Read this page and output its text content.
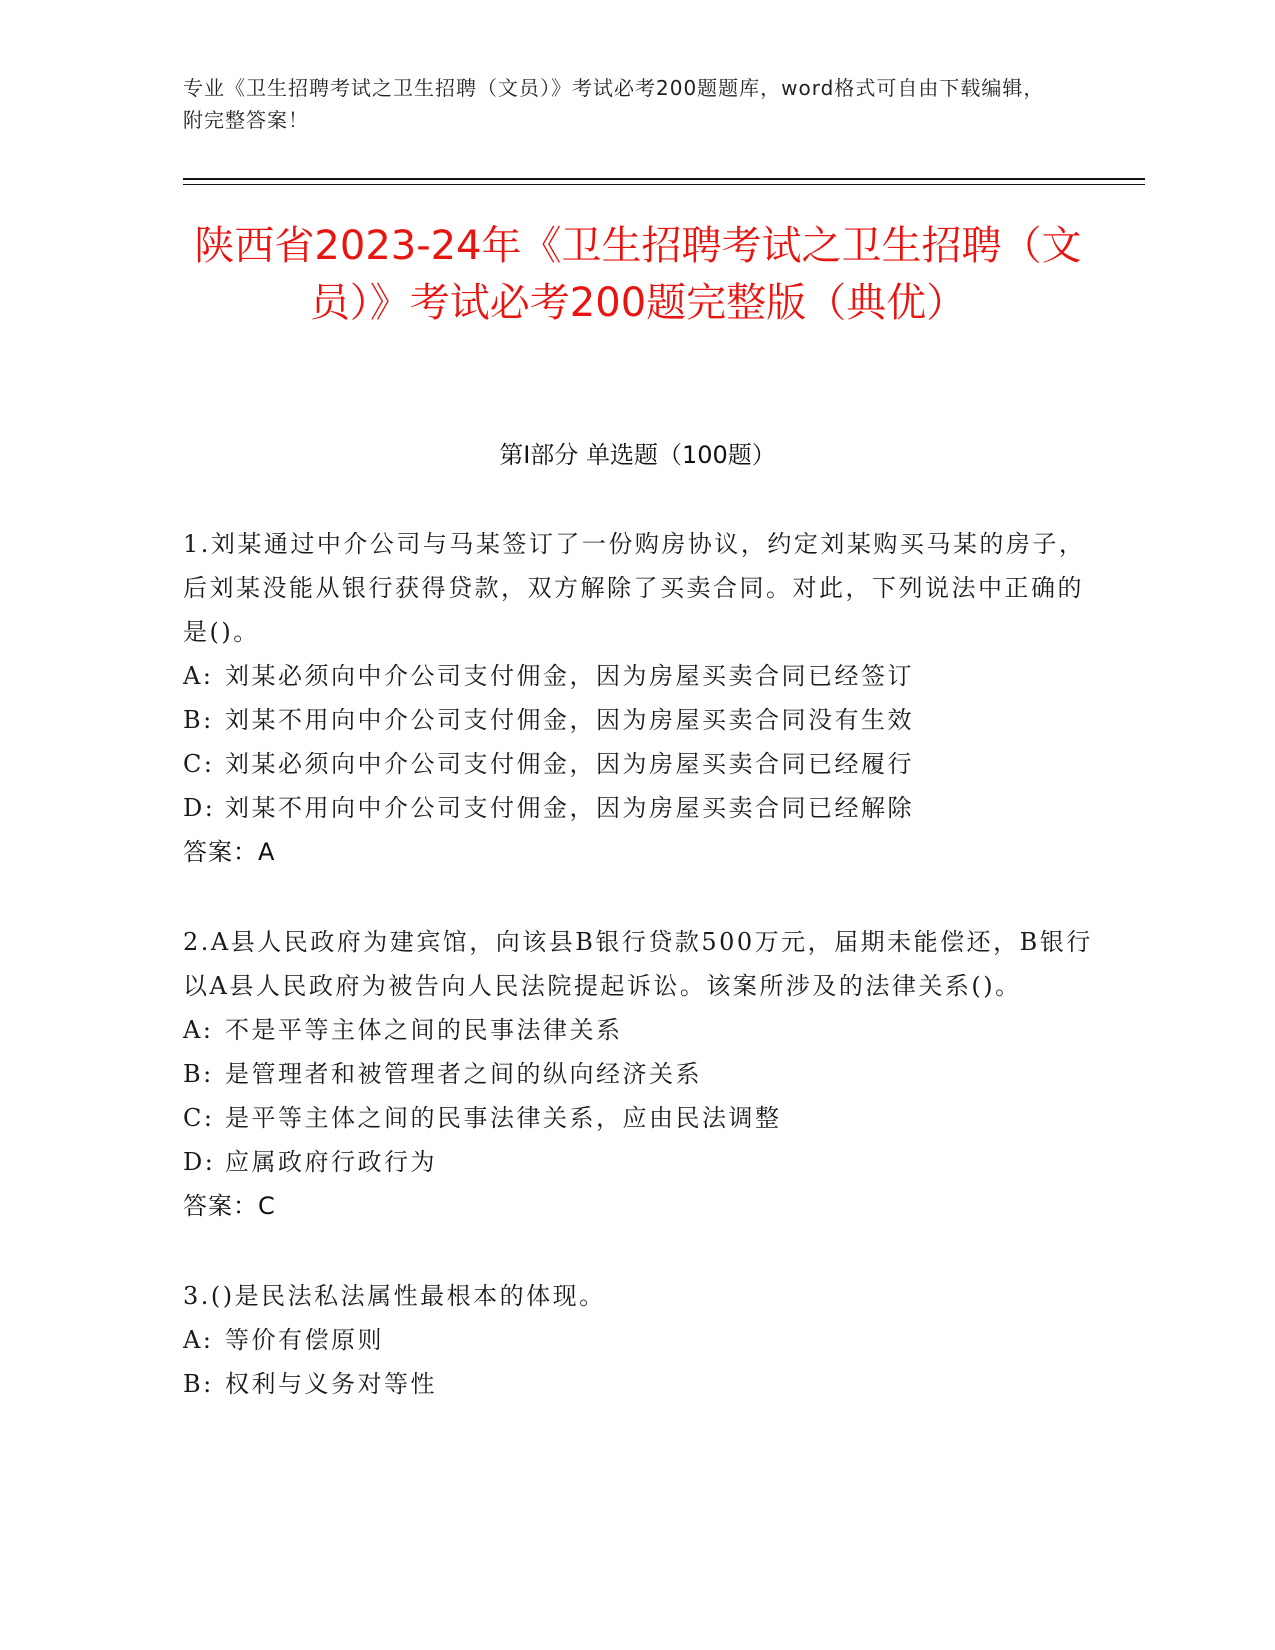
专业《卫生招聘考试之卫生招聘（文员）》考试必考200题题库，word格式可自由下载编辑，附完整答案！
陕西省2023-24年《卫生招聘考试之卫生招聘（文员）》考试必考200题完整版（典优）
第I部分 单选题（100题）
1.刘某通过中介公司与马某签订了一份购房协议，约定刘某购买马某的房子，后刘某没能从银行获得贷款，双方解除了买卖合同。对此，下列说法中正确的是()。
A: 刘某必须向中介公司支付佣金，因为房屋买卖合同已经签订
B: 刘某不用向中介公司支付佣金，因为房屋买卖合同没有生效
C: 刘某必须向中介公司支付佣金，因为房屋买卖合同已经履行
D: 刘某不用向中介公司支付佣金，因为房屋买卖合同已经解除
答案：A
2.A县人民政府为建宾馆，向该县B银行贷款500万元，届期未能偿还，B银行以A县人民政府为被告向人民法院提起诉讼。该案所涉及的法律关系()。
A: 不是平等主体之间的民事法律关系
B: 是管理者和被管理者之间的纵向经济关系
C: 是平等主体之间的民事法律关系，应由民法调整
D: 应属政府行政行为
答案：C
3.()是民法私法属性最根本的体现。
A: 等价有偿原则
B: 权利与义务对等性
